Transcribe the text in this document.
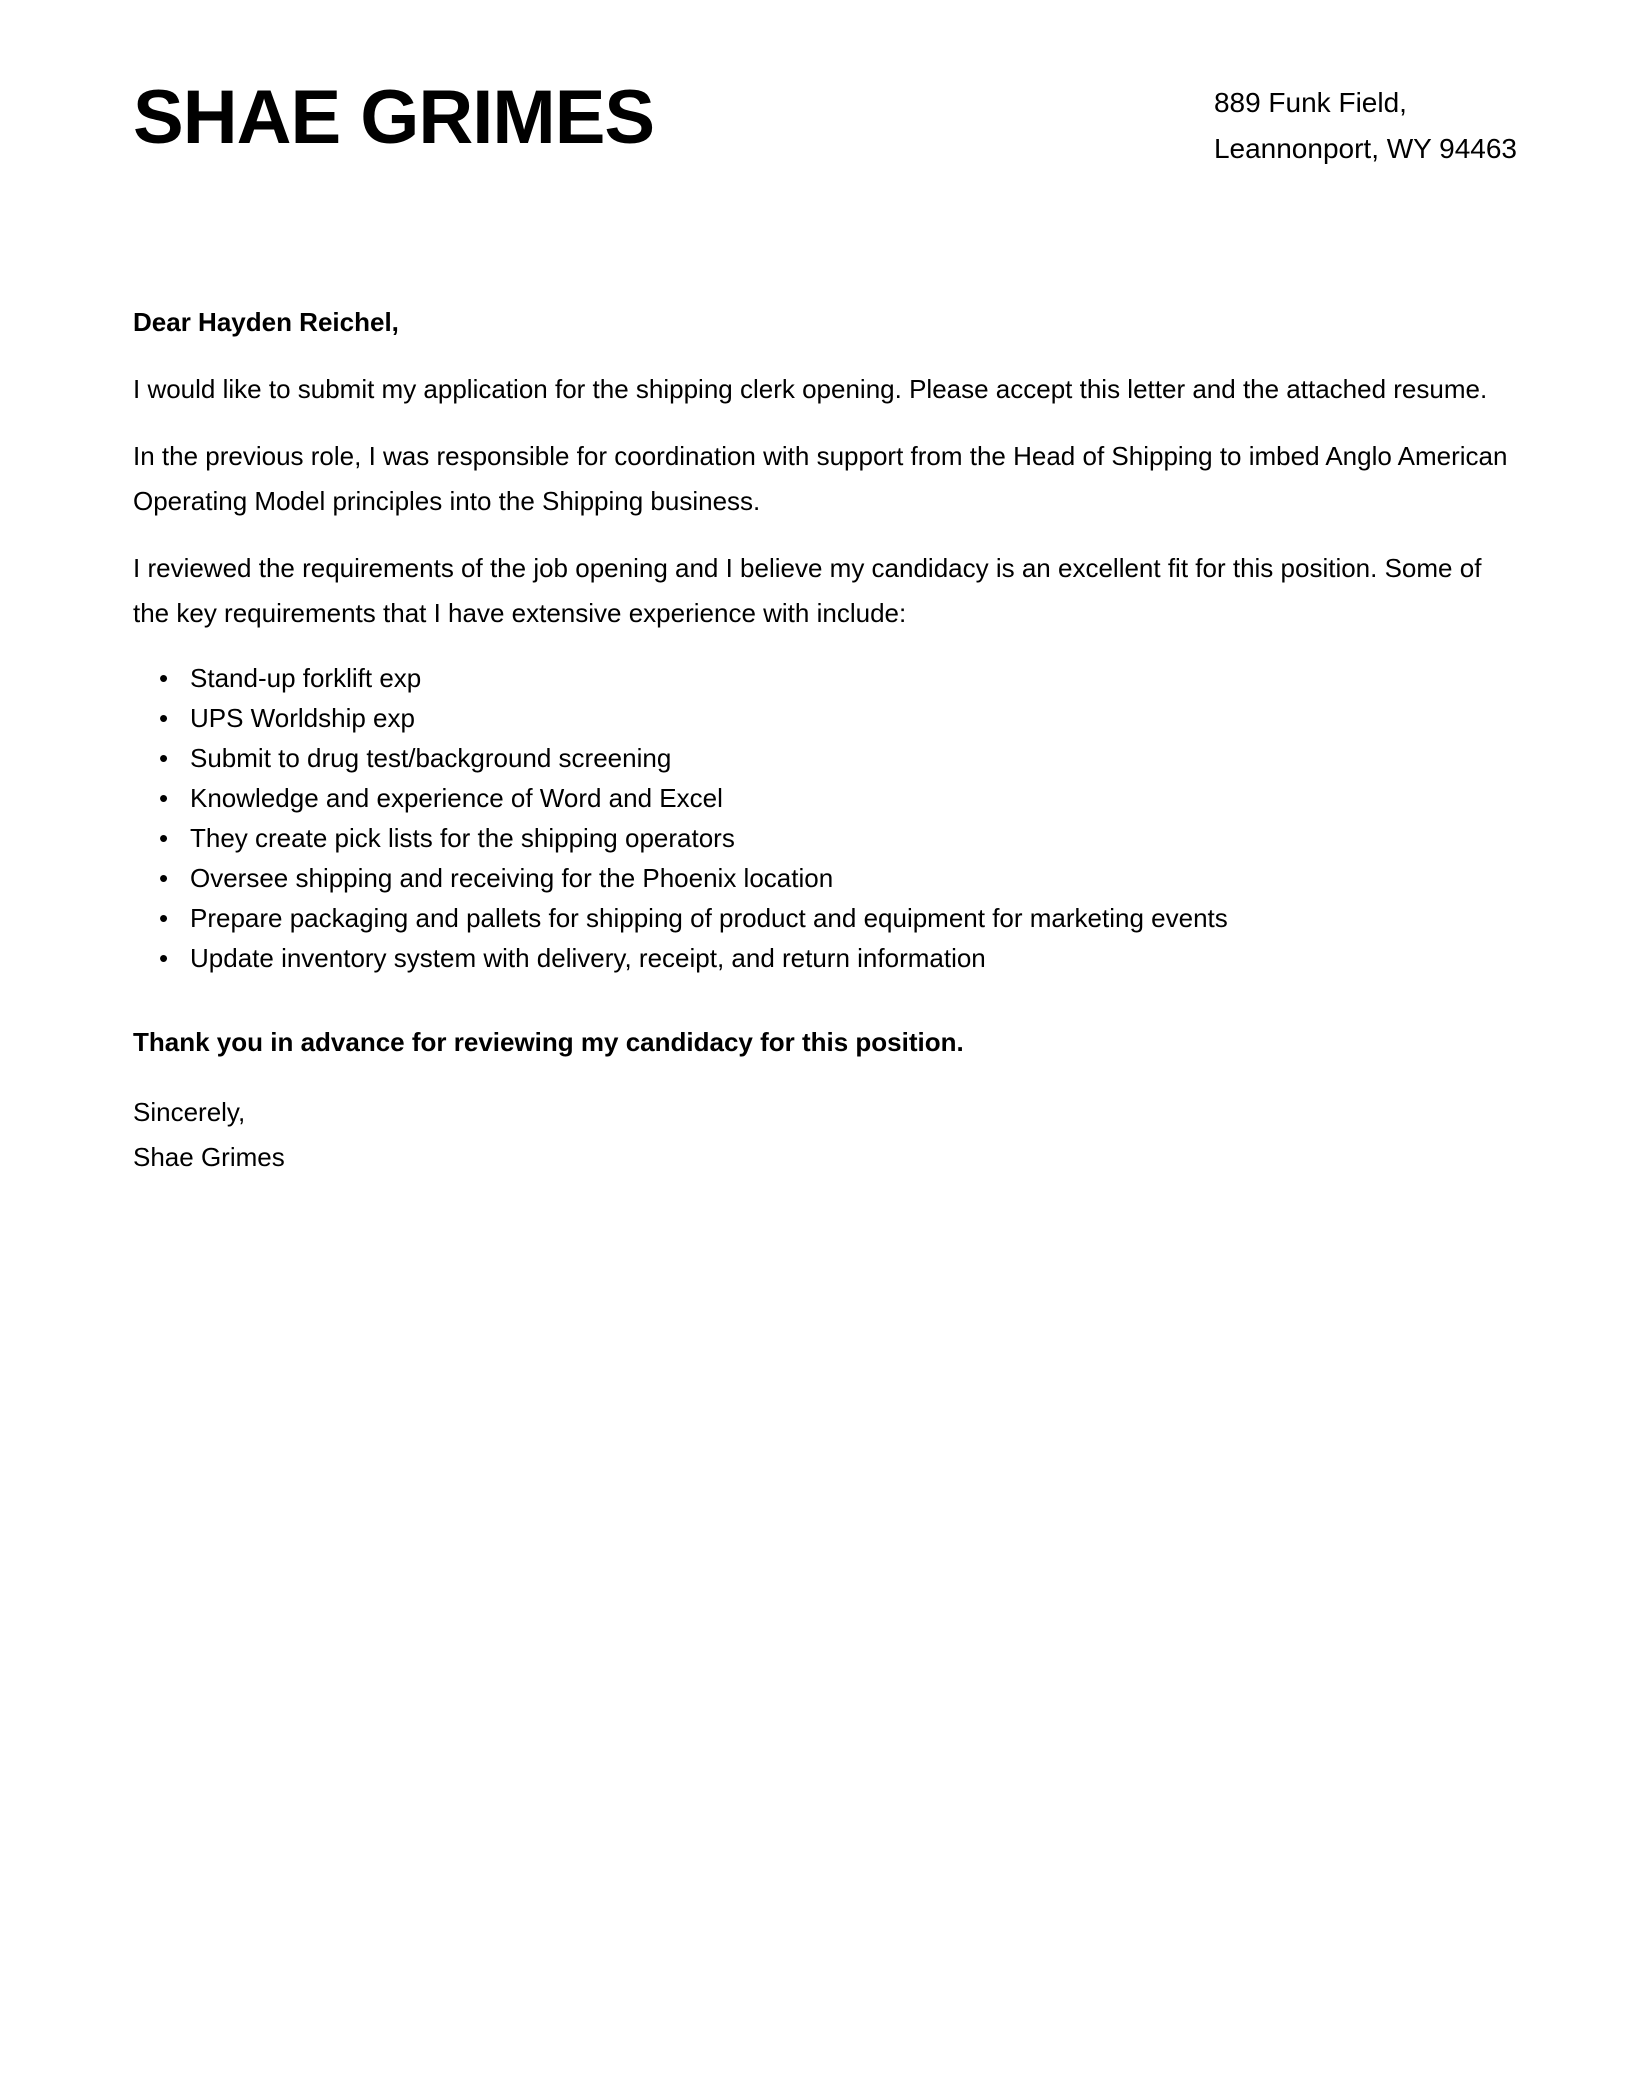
SHAE GRIMES	889 Funk Field,
Leannonport, WY 94463

Dear Hayden Reichel,

I would like to submit my application for the shipping clerk opening. Please accept this letter and the attached resume.

In the previous role, I was responsible for coordination with support from the Head of Shipping to imbed Anglo American Operating Model principles into the Shipping business.

I reviewed the requirements of the job opening and I believe my candidacy is an excellent fit for this position. Some of the key requirements that I have extensive experience with include:

• Stand-up forklift exp
• UPS Worldship exp
• Submit to drug test/background screening
• Knowledge and experience of Word and Excel
• They create pick lists for the shipping operators
• Oversee shipping and receiving for the Phoenix location
• Prepare packaging and pallets for shipping of product and equipment for marketing events
• Update inventory system with delivery, receipt, and return information

Thank you in advance for reviewing my candidacy for this position.

Sincerely,
Shae Grimes
